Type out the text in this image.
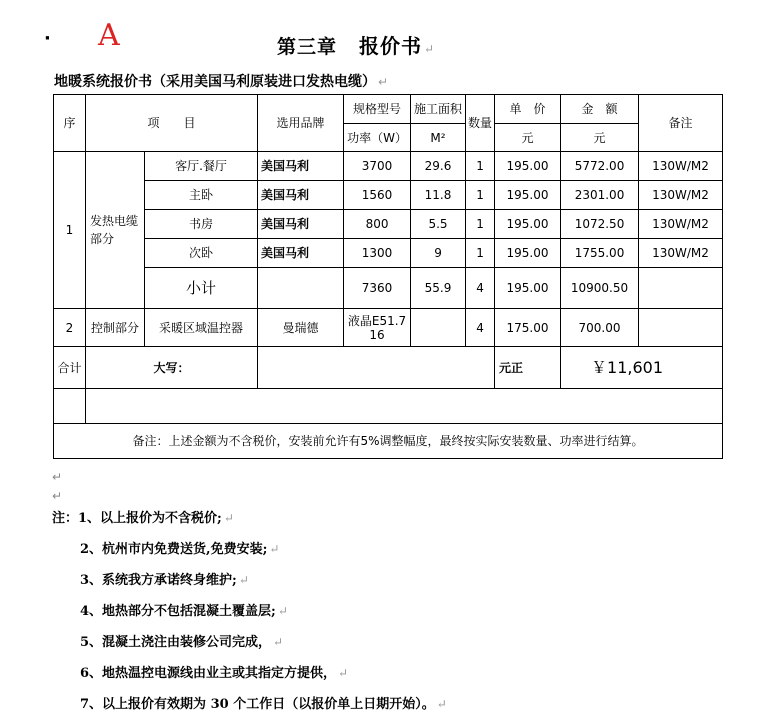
· A	第三章 报价书 ↵
地暖系统报价书（采用美国马利原装进口发热电缆） ↵
序	项　　目		选用品牌	规格型号	施工面积	数量	单　价	金　额	备注
				功率（W）	M²		元	元	
1	发热电缆部分	客厅.餐厅	美国马利	3700	29.6	1	195.00	5772.00	130W/M2
		主卧	美国马利	1560	11.8	1	195.00	2301.00	130W/M2
		书房	美国马利	800	5.5	1	195.00	1072.50	130W/M2
		次卧	美国马利	1300	9	1	195.00	1755.00	130W/M2
		小计		7360	55.9	4	195.00	10900.50	
2	控制部分	采暖区域温控器	曼瑞德	液晶E51.716		4	175.00	700.00	
合计	大写：						元正	￥11,601	

备注：上述金额为不含税价，安装前允许有5%调整幅度，最终按实际安装数量、功率进行结算。									
↵
↵
注：1、以上报价为不含税价; ↵
2、杭州市内免费送货,免费安装; ↵
3、系统我方承诺终身维护; ↵
4、地热部分不包括混凝土覆盖层; ↵
5、混凝土浇注由装修公司完成， ↵
6、地热温控电源线由业主或其指定方提供， ↵
7、以上报价有效期为 30 个工作日（以报价单上日期开始）。 ↵
